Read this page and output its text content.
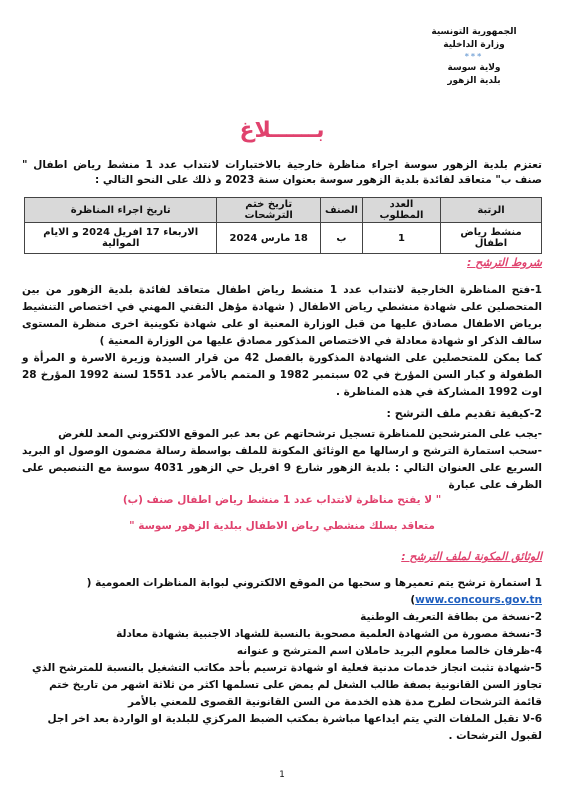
الجمهورية التونسية
وزارة الداخلية
***
ولاية سوسة
بلدية الزهور
بــــــلاغ
تعتزم بلدية الزهور سوسة اجراء مناظرة خارجية بالاختبارات لانتداب عدد 1 منشط رياض اطفال " صنف ب" متعاقد لفائدة بلدية الزهور سوسة بعنوان سنة 2023 و ذلك على النحو التالي :
الرتبة	العدد المطلوب	الصنف	تاريخ ختم الترشحات	تاريخ اجراء المناظرة
منشط رياض اطفال	1	ب	18 مارس 2024	الاربعاء 17 افريل 2024 و الايام الموالية
شروط الترشح :
1-فتح المناظرة الخارجية لانتداب عدد 1 منشط رياض اطفال متعاقد لفائدة بلدية الزهور من بين المتحصلين على شهادة منشطي رياض الاطفال ( شهادة مؤهل التقني المهني في اختصاص التنشيط برياض الاطفال مصادق عليها من قبل الوزارة المعنية او على شهادة تكوينية اخرى منظرة المستوى سالف الذكر او شهادة معادلة في الاختصاص المذكور مصادق عليها من الوزارة المعنية )
كما يمكن للمتحصلين على الشهادة المذكورة بالفصل 42 من قرار السيدة وزيرة الاسرة و المرأة و الطفولة و كبار السن المؤرخ في 02 سبتمبر 1982 و المتمم بالأمر عدد 1551 لسنة 1992 المؤرخ 28 اوت 1992 المشاركة في هذه المناظرة .
2-كيفية تقديم ملف الترشح :
-يجب على المترشحين للمناظرة تسجيل ترشحاتهم عن بعد عبر الموقع الالكتروني المعد للغرض
-سحب استمارة الترشح و ارسالها مع الوثائق المكونة للملف بواسطة رسالة مضمون الوصول او البريد السريع على العنوان التالي : بلدية الزهور شارع 9 افريل حي الزهور 4031 سوسة مع التنصيص على الظرف على عبارة
" لا يفتح مناظرة لانتداب عدد 1 منشط رياض اطفال صنف (ب)
متعاقد بسلك منشطي رياض الاطفال ببلدية الزهور سوسة "
الوثائق المكونة لملف الترشح :
1 استمارة ترشح يتم تعميرها و سحبها من الموقع الالكتروني لبوابة المناظرات العمومية (
www.concours.gov.tn)
2-نسخة من بطاقة التعريف الوطنية
3-نسخة مصورة من الشهادة العلمية مصحوبة بالنسبة للشهاد الاجنبية بشهادة معادلة
4-ظرفان خالصا معلوم البريد حاملان اسم المترشح و عنوانه
5-شهادة تثبت انجاز خدمات مدنية فعلية او شهادة ترسيم بأحد مكاتب التشغيل بالنسبة للمترشح الذي تجاوز السن القانونية بصفة طالب الشغل لم يمض على تسلمها اكثر من ثلاثة اشهر من تاريخ ختم قائمة الترشحات لطرح مدة هذه الخدمة من السن القانونية القصوى للمعني بالأمر
6-لا تقبل الملفات التي يتم ايداعها مباشرة بمكتب الضبط المركزي للبلدية او الواردة بعد اخر اجل لقبول الترشحات .
1
